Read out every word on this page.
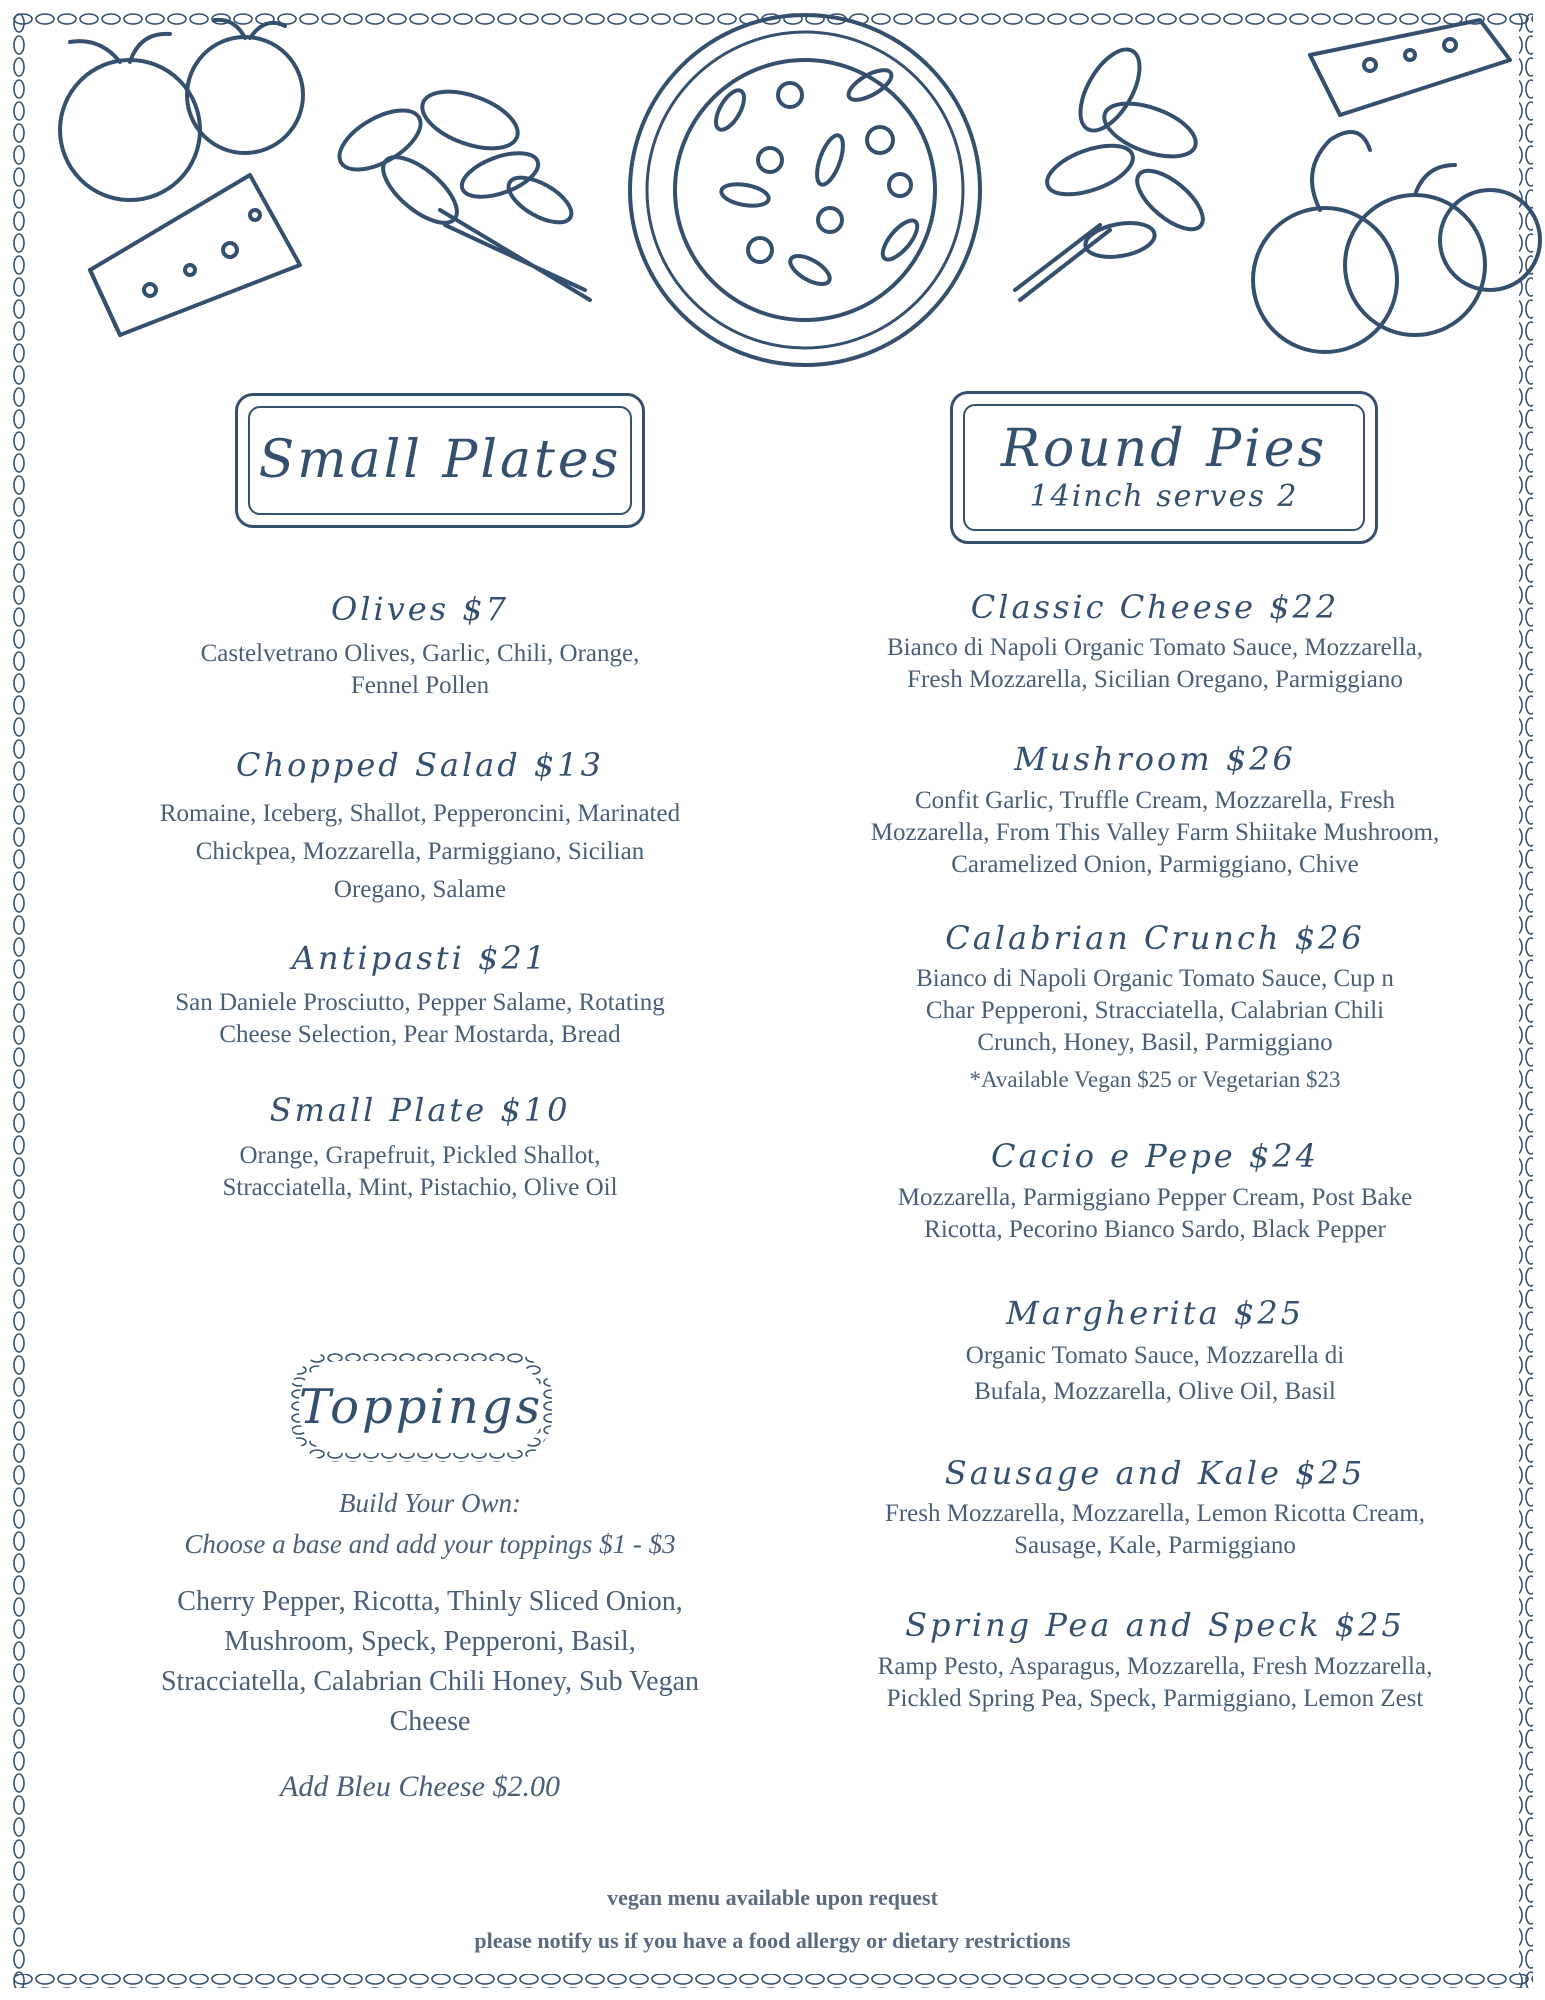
Small Plates	Round Pies
14inch serves 2
Olives $7
Castelvetrano Olives, Garlic, Chili, Orange, Fennel Pollen
Chopped Salad $13
Romaine, Iceberg, Shallot, Pepperoncini, Marinated Chickpea, Mozzarella, Parmiggiano, Sicilian Oregano, Salame
Antipasti $21
San Daniele Prosciutto, Pepper Salame, Rotating Cheese Selection, Pear Mostarda, Bread
Small Plate $10
Orange, Grapefruit, Pickled Shallot, Stracciatella, Mint, Pistachio, Olive Oil
Toppings
Build Your Own:
Choose a base and add your toppings $1 - $3
Cherry Pepper, Ricotta, Thinly Sliced Onion, Mushroom, Speck, Pepperoni, Basil, Stracciatella, Calabrian Chili Honey, Sub Vegan Cheese
Add Bleu Cheese $2.00
Classic Cheese $22
Bianco di Napoli Organic Tomato Sauce, Mozzarella, Fresh Mozzarella, Sicilian Oregano, Parmiggiano
Mushroom $26
Confit Garlic, Truffle Cream, Mozzarella, Fresh Mozzarella, From This Valley Farm Shiitake Mushroom, Caramelized Onion, Parmiggiano, Chive
Calabrian Crunch $26
Bianco di Napoli Organic Tomato Sauce, Cup n Char Pepperoni, Stracciatella, Calabrian Chili Crunch, Honey, Basil, Parmiggiano
*Available Vegan $25 or Vegetarian $23
Cacio e Pepe $24
Mozzarella, Parmiggiano Pepper Cream, Post Bake Ricotta, Pecorino Bianco Sardo, Black Pepper
Margherita $25
Organic Tomato Sauce, Mozzarella di Bufala, Mozzarella, Olive Oil, Basil
Sausage and Kale $25
Fresh Mozzarella, Mozzarella, Lemon Ricotta Cream, Sausage, Kale, Parmiggiano
Spring Pea and Speck $25
Ramp Pesto, Asparagus, Mozzarella, Fresh Mozzarella, Pickled Spring Pea, Speck, Parmiggiano, Lemon Zest
vegan menu available upon request
please notify us if you have a food allergy or dietary restrictions
